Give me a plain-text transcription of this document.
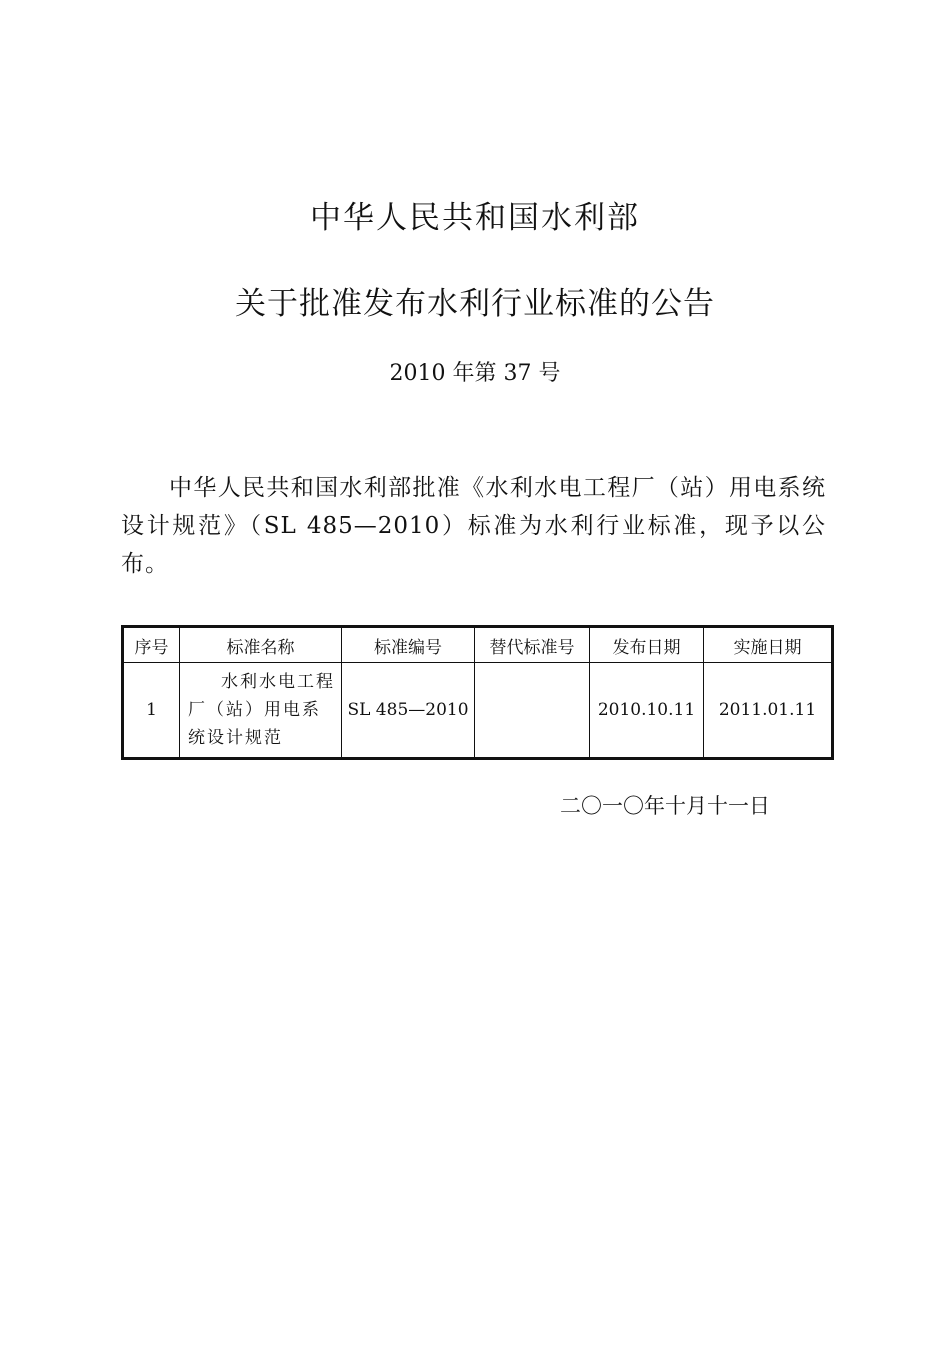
中华人民共和国水利部
关于批准发布水利行业标准的公告
2010 年第 37 号

中华人民共和国水利部批准《水利水电工程厂（站）用电系统设计规范》（SL 485—2010）标准为水利行业标准，现予以公布。

序号	标准名称	标准编号	替代标准号	发布日期	实施日期
1	水利水电工程
厂（站）用电系
统设计规范	SL 485—2010		2010.10.11	2011.01.11
二〇一〇年十月十一日
